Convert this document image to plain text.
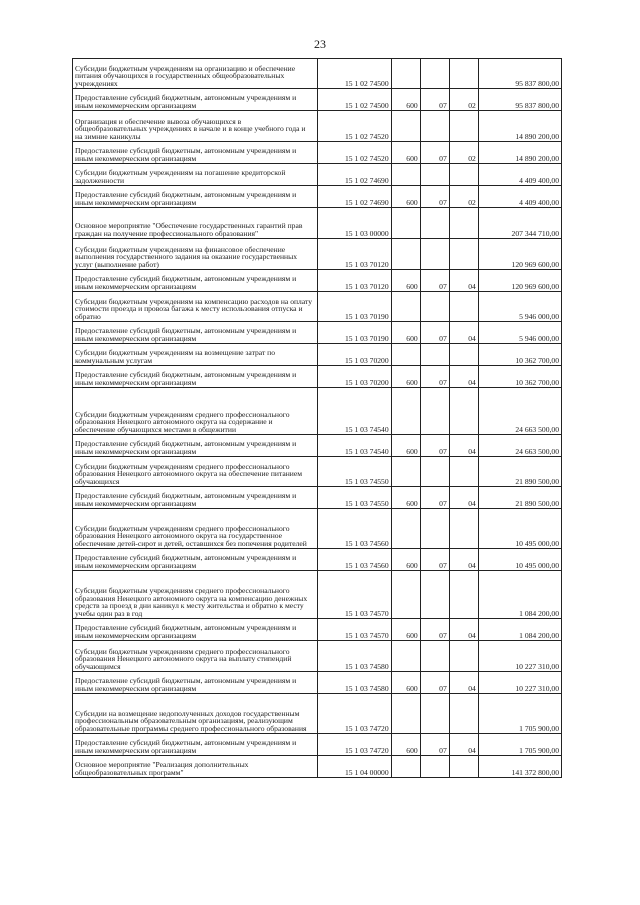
23
Субсидии бюджетным учреждениям на организацию и обеспечение питания обучающихся в государственных общеобразовательных учреждениях	15 1 02 74500				95 837 800,00
Предоставление субсидий бюджетным, автономным учреждениям и иным некоммерческим организациям	15 1 02 74500	600	07	02	95 837 800,00
Организация и обеспечение вывоза обучающихся в общеобразовательных учреждениях в начале и в конце учебного года и на зимние каникулы	15 1 02 74520				14 890 200,00
Предоставление субсидий бюджетным, автономным учреждениям и иным некоммерческим организациям	15 1 02 74520	600	07	02	14 890 200,00
Субсидии бюджетным учреждениям на погашение кредиторской задолженности	15 1 02 74690				4 409 400,00
Предоставление субсидий бюджетным, автономным учреждениям и иным некоммерческим организациям	15 1 02 74690	600	07	02	4 409 400,00
Основное мероприятие "Обеспечение государственных гарантий прав граждан на получение профессионального образования"	15 1 03 00000				207 344 710,00
Субсидии бюджетным учреждениям на финансовое обеспечение выполнения государственного задания на оказание государственных услуг (выполнение работ)	15 1 03 70120				120 969 600,00
Предоставление субсидий бюджетным, автономным учреждениям и иным некоммерческим организациям	15 1 03 70120	600	07	04	120 969 600,00
Субсидии бюджетным учреждениям на компенсацию расходов на оплату стоимости проезда и провоза багажа к месту использования отпуска и обратно	15 1 03 70190				5 946 000,00
Предоставление субсидий бюджетным, автономным учреждениям и иным некоммерческим организациям	15 1 03 70190	600	07	04	5 946 000,00
Субсидии бюджетным учреждениям на возмещение затрат по коммунальным услугам	15 1 03 70200				10 362 700,00
Предоставление субсидий бюджетным, автономным учреждениям и иным некоммерческим организациям	15 1 03 70200	600	07	04	10 362 700,00
Субсидии бюджетным учреждениям среднего профессионального образования Ненецкого автономного округа на содержание и обеспечение обучающихся местами в общежитии	15 1 03 74540				24 663 500,00
Предоставление субсидий бюджетным, автономным учреждениям и иным некоммерческим организациям	15 1 03 74540	600	07	04	24 663 500,00
Субсидии бюджетным учреждениям среднего профессионального образования Ненецкого автономного округа на обеспечение питанием обучающихся	15 1 03 74550				21 890 500,00
Предоставление субсидий бюджетным, автономным учреждениям и иным некоммерческим организациям	15 1 03 74550	600	07	04	21 890 500,00
Субсидии бюджетным учреждениям среднего профессионального образования Ненецкого автономного округа на государственное обеспечение детей-сирот и детей, оставшихся без попечения родителей	15 1 03 74560				10 495 000,00
Предоставление субсидий бюджетным, автономным учреждениям и иным некоммерческим организациям	15 1 03 74560	600	07	04	10 495 000,00
Субсидии бюджетным учреждениям среднего профессионального образования Ненецкого автономного округа на компенсацию денежных средств за проезд в дни каникул к месту жительства и обратно к месту учебы один раз в год	15 1 03 74570				1 084 200,00
Предоставление субсидий бюджетным, автономным учреждениям и иным некоммерческим организациям	15 1 03 74570	600	07	04	1 084 200,00
Субсидии бюджетным учреждениям среднего профессионального образования Ненецкого автономного округа на выплату стипендий обучающимся	15 1 03 74580				10 227 310,00
Предоставление субсидий бюджетным, автономным учреждениям и иным некоммерческим организациям	15 1 03 74580	600	07	04	10 227 310,00
Субсидии на возмещение недополученных доходов государственным профессиональным образовательным организациям, реализующим образовательные программы среднего профессионального образования	15 1 03 74720				1 705 900,00
Предоставление субсидий бюджетным, автономным учреждениям и иным некоммерческим организациям	15 1 03 74720	600	07	04	1 705 900,00
Основное мероприятие "Реализация дополнительных общеобразовательных программ"	15 1 04 00000				141 372 800,00
